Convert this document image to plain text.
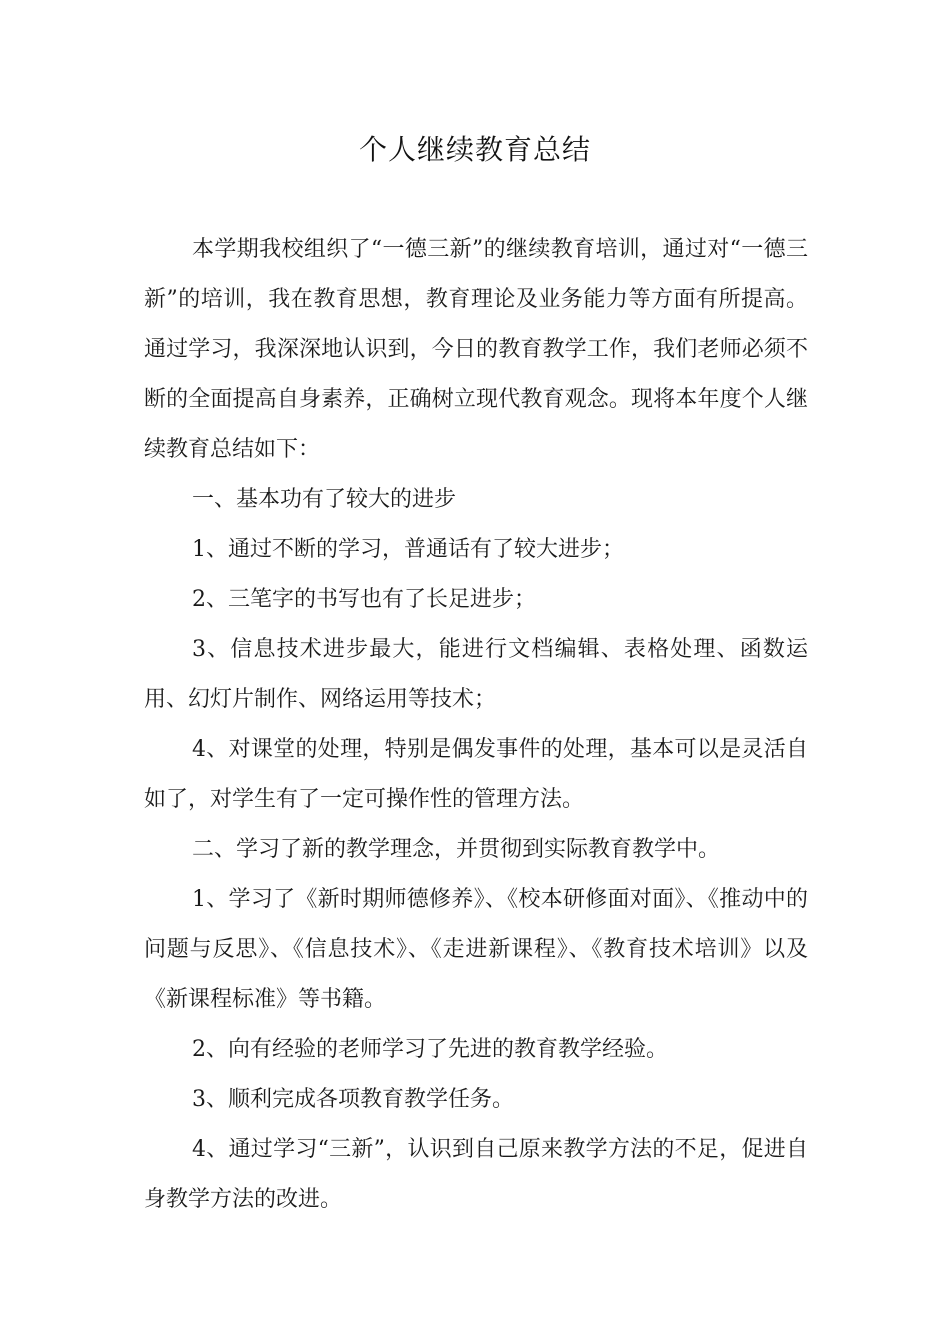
个人继续教育总结

本学期我校组织了“一德三新”的继续教育培训，通过对“一德三新”的培训，我在教育思想，教育理论及业务能力等方面有所提高。通过学习，我深深地认识到，今日的教育教学工作，我们老师必须不断的全面提高自身素养，正确树立现代教育观念。现将本年度个人继续教育总结如下：

一、基本功有了较大的进步

1、通过不断的学习，普通话有了较大进步；

2、三笔字的书写也有了长足进步；

3、信息技术进步最大，能进行文档编辑、表格处理、函数运用、幻灯片制作、网络运用等技术；

4、对课堂的处理，特别是偶发事件的处理，基本可以是灵活自如了，对学生有了一定可操作性的管理方法。

二、学习了新的教学理念，并贯彻到实际教育教学中。

1、学习了《新时期师德修养》、《校本研修面对面》、《推动中的问题与反思》、《信息技术》、《走进新课程》、《教育技术培训》以及《新课程标准》等书籍。

2、向有经验的老师学习了先进的教育教学经验。

3、顺利完成各项教育教学任务。

4、通过学习“三新”，认识到自己原来教学方法的不足，促进自身教学方法的改进。
